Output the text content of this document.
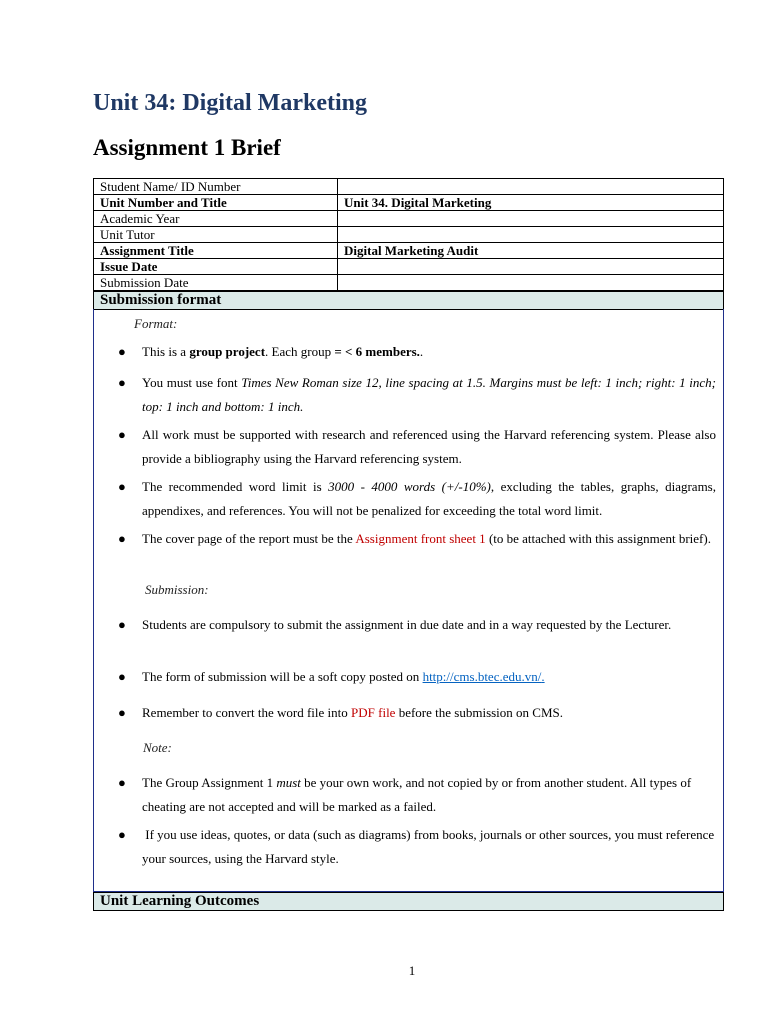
Unit 34: Digital Marketing
Assignment 1 Brief
Student Name/ ID Number	
Unit Number and Title	Unit 34. Digital Marketing
Academic Year	
Unit Tutor	
Assignment Title	Digital Marketing Audit
Issue Date	
Submission Date	
Submission format
Format:
● This is a group project. Each group = < 6 members..
● You must use font Times New Roman size 12, line spacing at 1.5. Margins must be left: 1 inch; right: 1 inch; top: 1 inch and bottom: 1 inch.
● All work must be supported with research and referenced using the Harvard referencing system. Please also provide a bibliography using the Harvard referencing system.
● The recommended word limit is 3000 - 4000 words (+/-10%), excluding the tables, graphs, diagrams, appendixes, and references. You will not be penalized for exceeding the total word limit.
● The cover page of the report must be the Assignment front sheet 1 (to be attached with this assignment brief).
Submission:
● Students are compulsory to submit the assignment in due date and in a way requested by the Lecturer.
● The form of submission will be a soft copy posted on http://cms.btec.edu.vn/.
● Remember to convert the word file into PDF file before the submission on CMS.
Note:
● The Group Assignment 1 must be your own work, and not copied by or from another student. All types of cheating are not accepted and will be marked as a failed.
● If you use ideas, quotes, or data (such as diagrams) from books, journals or other sources, you must reference your sources, using the Harvard style.
Unit Learning Outcomes
1
